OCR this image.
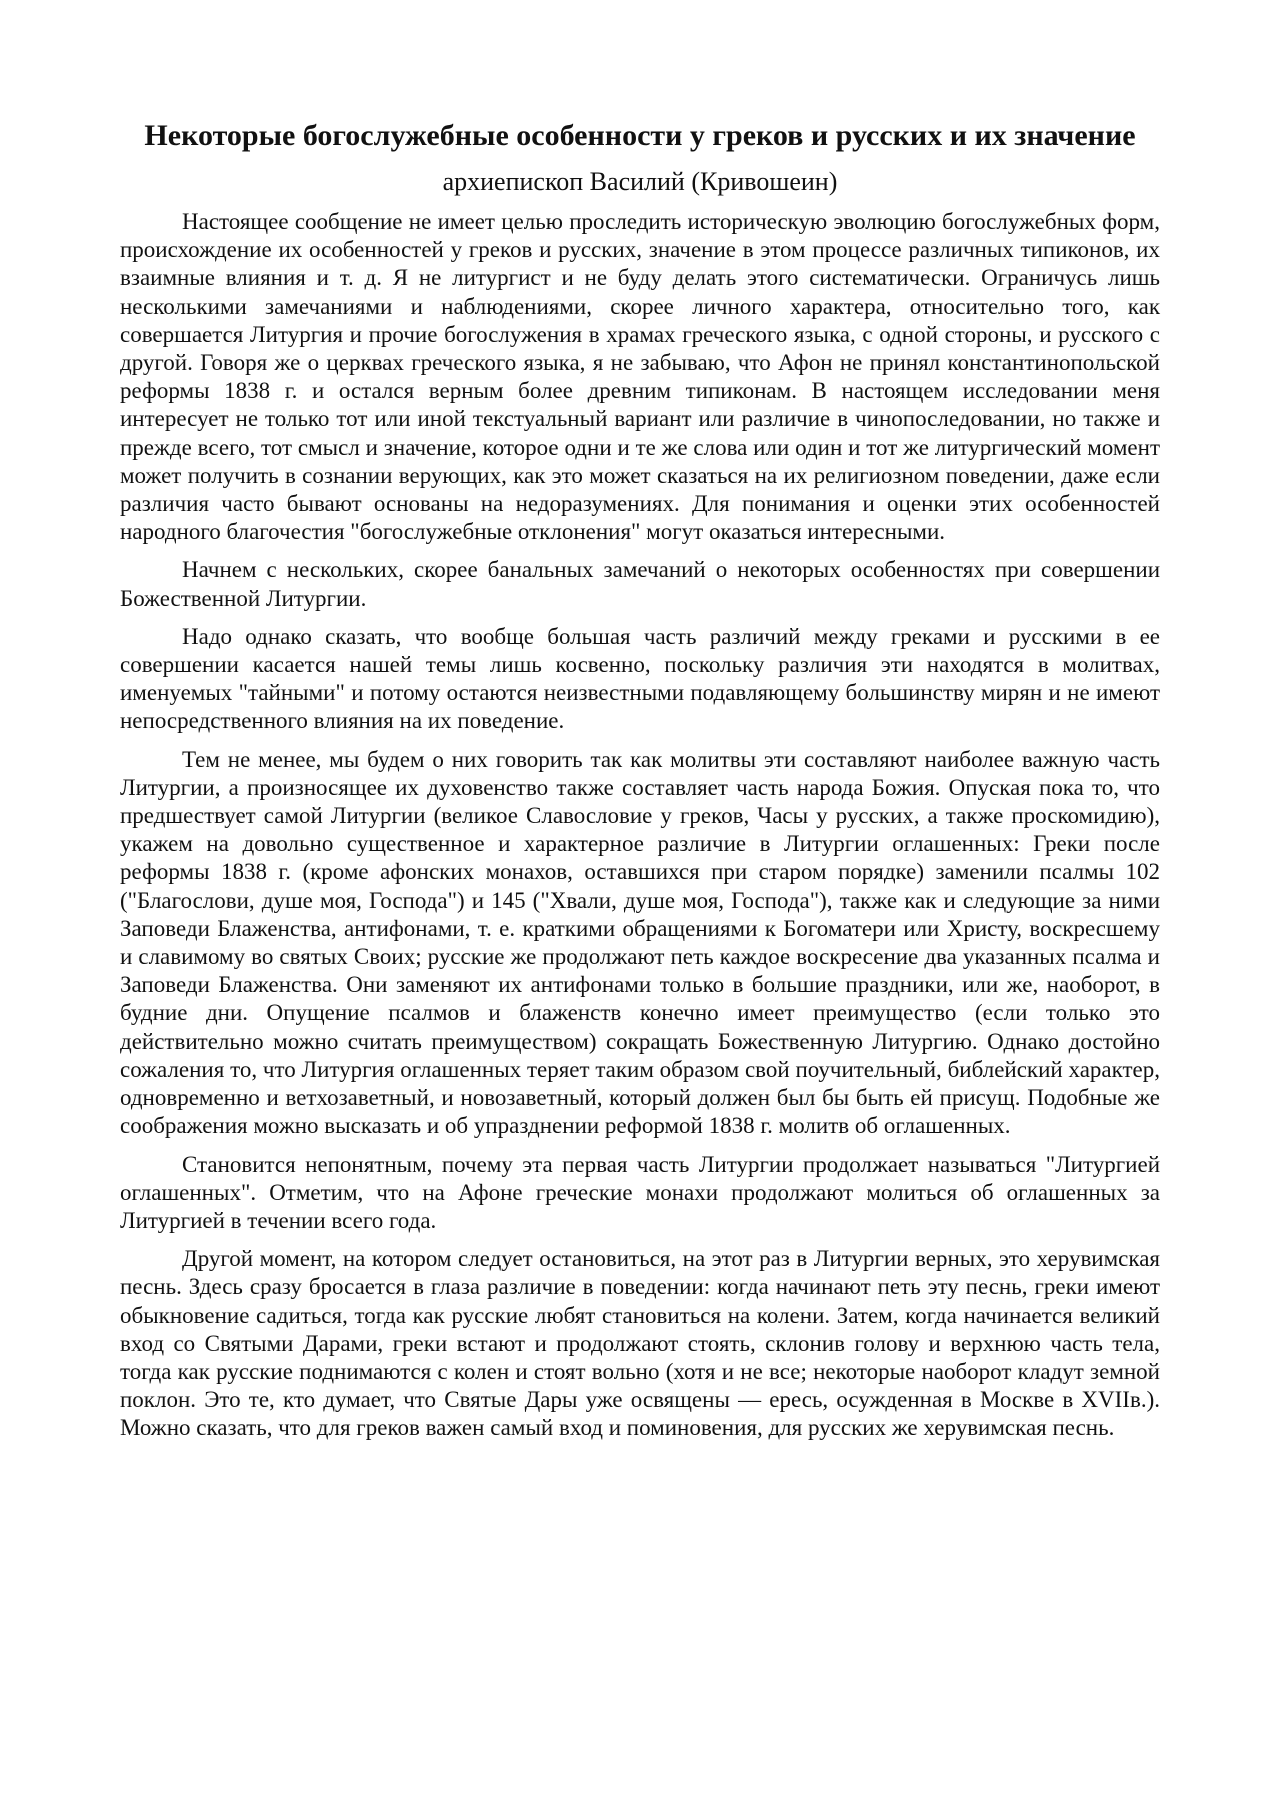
Некоторые богослужебные особенности у греков и русских и их значение
архиепископ Василий (Кривошеин)

Настоящее сообщение не имеет целью проследить историческую эволюцию богослужебных форм, происхождение их особенностей у греков и русских, значение в этом процессе различных типиконов, их взаимные влияния и т. д. Я не литургист и не буду делать этого систематически. Ограничусь лишь несколькими замечаниями и наблюдениями, скорее личного характера, относительно того, как совершается Литургия и прочие богослужения в храмах греческого языка, с одной стороны, и русского с другой. Говоря же о церквах греческого языка, я не забываю, что Афон не принял константинопольской реформы 1838 г. и остался верным более древним типиконам. В настоящем исследовании меня интересует не только тот или иной текстуальный вариант или различие в чинопоследовании, но также и прежде всего, тот смысл и значение, которое одни и те же слова или один и тот же литургический момент может получить в сознании верующих, как это может сказаться на их религиозном поведении, даже если различия часто бывают основаны на недоразумениях. Для понимания и оценки этих особенностей народного благочестия "богослужебные отклонения" могут оказаться интересными.

Начнем с нескольких, скорее банальных замечаний о некоторых особенностях при совершении Божественной Литургии.

Надо однако сказать, что вообще большая часть различий между греками и русскими в ее совершении касается нашей темы лишь косвенно, поскольку различия эти находятся в молитвах, именуемых "тайными" и потому остаются неизвестными подавляющему большинству мирян и не имеют непосредственного влияния на их поведение.

Тем не менее, мы будем о них говорить так как молитвы эти составляют наиболее важную часть Литургии, а произносящее их духовенство также составляет часть народа Божия. Опуская пока то, что предшествует самой Литургии (великое Славословие у греков, Часы у русских, а также проскомидию), укажем на довольно существенное и характерное различие в Литургии оглашенных: Греки после реформы 1838 г. (кроме афонских монахов, оставшихся при старом порядке) заменили псалмы 102 ("Благослови, душе моя, Господа") и 145 ("Хвали, душе моя, Господа"), также как и следующие за ними Заповеди Блаженства, антифонами, т. е. краткими обращениями к Богоматери или Христу, воскресшему и славимому во святых Своих; русские же продолжают петь каждое воскресение два указанных псалма и Заповеди Блаженства. Они заменяют их антифонами только в большие праздники, или же, наоборот, в будние дни. Опущение псалмов и блаженств конечно имеет преимущество (если только это действительно можно считать преимуществом) сокращать Божественную Литургию. Однако достойно сожаления то, что Литургия оглашенных теряет таким образом свой поучительный, библейский характер, одновременно и ветхозаветный, и новозаветный, который должен был бы быть ей присущ. Подобные же соображения можно высказать и об упразднении реформой 1838 г. молитв об оглашенных.

Становится непонятным, почему эта первая часть Литургии продолжает называться "Литургией оглашенных". Отметим, что на Афоне греческие монахи продолжают молиться об оглашенных за Литургией в течении всего года.

Другой момент, на котором следует остановиться, на этот раз в Литургии верных, это херувимская песнь. Здесь сразу бросается в глаза различие в поведении: когда начинают петь эту песнь, греки имеют обыкновение садиться, тогда как русские любят становиться на колени. Затем, когда начинается великий вход со Святыми Дарами, греки встают и продолжают стоять, склонив голову и верхнюю часть тела, тогда как русские поднимаются с колен и стоят вольно (хотя и не все; некоторые наоборот кладут земной поклон. Это те, кто думает, что Святые Дары уже освящены — ересь, осужденная в Москве в XVIIв.). Можно сказать, что для греков важен самый вход и поминовения, для русских же херувимская песнь.
